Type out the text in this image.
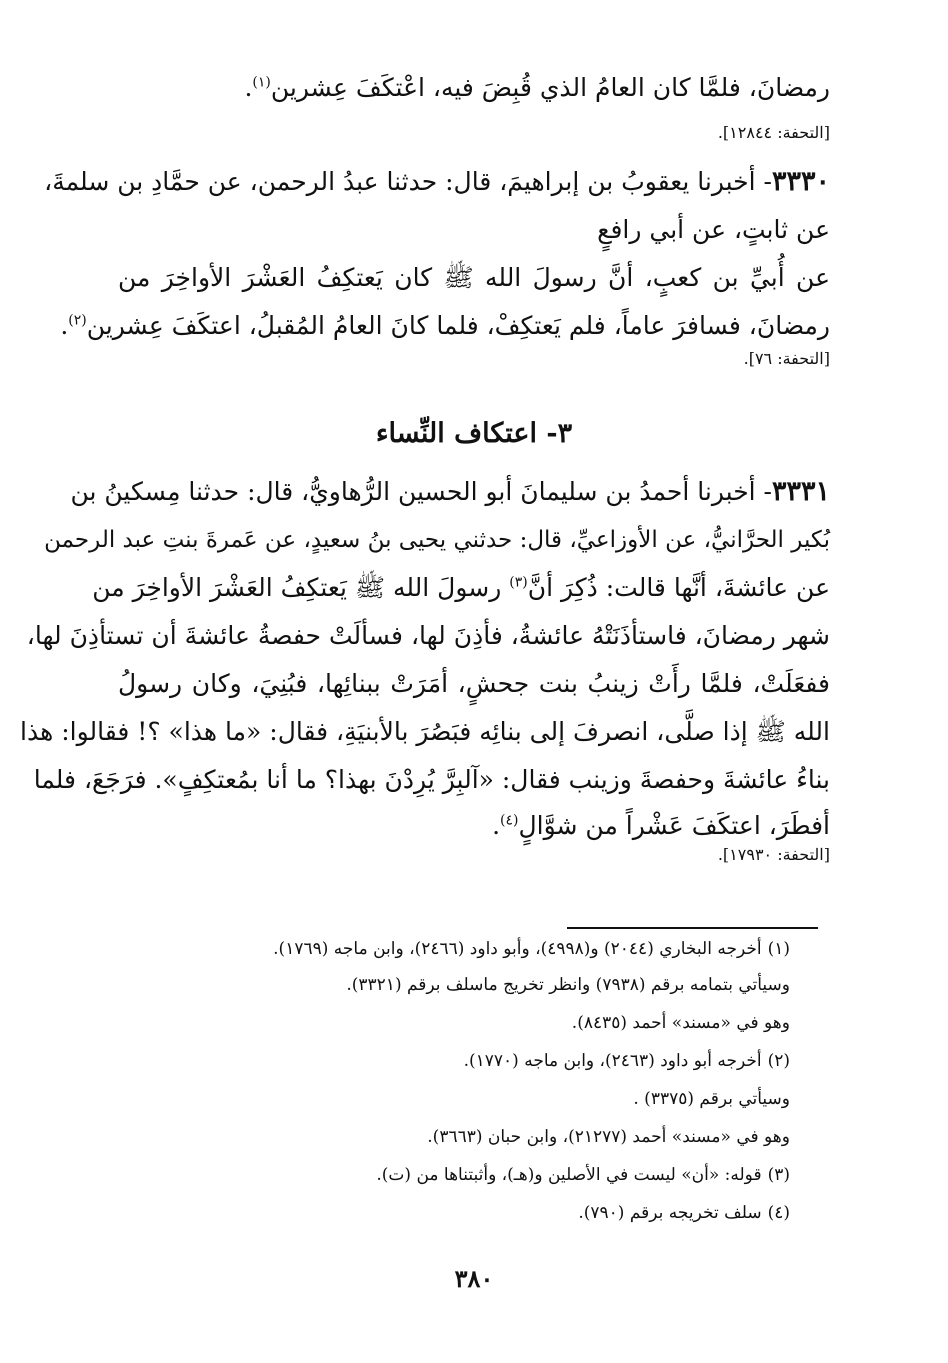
رمضانَ، فلمَّا كان العامُ الذي قُبِضَ فيه، اعْتكَفَ عِشرين$^{(١)}$.
[التحفة: ١٢٨٤٤].
٣٣٣٠- أخبرنا يعقوبُ بن إبراهيمَ، قال: حدثنا عبدُ الرحمن، عن حمَّادِ بن سلمةَ،
عن ثابتٍ، عن أبي رافعٍ
عن أُبيِّ بن كعبٍ، أنَّ رسولَ الله ﷺ كان يَعتكِفُ العَشْرَ الأواخِرَ من
رمضانَ، فسافرَ عاماً، فلم يَعتكِفْ، فلما كانَ العامُ المُقبلُ، اعتكَفَ عِشرين$^{(٢)}$.
[التحفة: ٧٦].
٣- اعتكاف النِّساء
٣٣٣١- أخبرنا أحمدُ بن سليمانَ أبو الحسين الرُّهاويُّ، قال: حدثنا مِسكينُ بن
بُكير الحرَّانيُّ، عن الأوزاعيِّ، قال: حدثني يحيى بنُ سعيدٍ، عن عَمرةَ بنتِ عبد الرحمن
عن عائشةَ، أنَّها قالت: ذُكِرَ أنَّ$^{(٣)}$ رسولَ الله ﷺ يَعتكِفُ العَشْرَ الأواخِرَ من
شهر رمضانَ، فاستأذَنَتْهُ عائشةُ، فأذِنَ لها، فسألَتْ حفصةُ عائشةَ أن تستأذِنَ لها،
ففعَلَتْ، فلمَّا رأَتْ زينبُ بنت جحشٍ، أمَرَتْ ببنائِها، فبُنِيَ، وكان رسولُ
الله ﷺ إذا صلَّى، انصرفَ إلى بنائِه فبَصُرَ بالأبنيَةِ، فقال: «ما هذا» ؟! فقالوا: هذا
بناءُ عائشةَ وحفصةَ وزينب فقال: «آلبِرَّ يُرِدْنَ بهذا؟ ما أنا بمُعتكِفٍ». فرَجَعَ، فلما
أفطَرَ، اعتكَفَ عَشْراً من شوَّالٍ$^{(٤)}$.
[التحفة: ١٧٩٣٠].
(١)أخرجه البخاري (٢٠٤٤) و(٤٩٩٨)، وأبو داود (٢٤٦٦)، وابن ماجه (١٧٦٩).
وسيأتي بتمامه برقم (٧٩٣٨) وانظر تخريج ماسلف برقم (٣٣٢١).
وهو في «مسند» أحمد (٨٤٣٥).
(٢)أخرجه أبو داود (٢٤٦٣)، وابن ماجه (١٧٧٠).
وسيأتي برقم (٣٣٧٥) .
وهو في «مسند» أحمد (٢١٢٧٧)، وابن حبان (٣٦٦٣).
(٣)قوله: «أن» ليست في الأصلين و(هـ)، وأثبتناها من (ت).
(٤)سلف تخريجه برقم (٧٩٠).
٣٨٠
